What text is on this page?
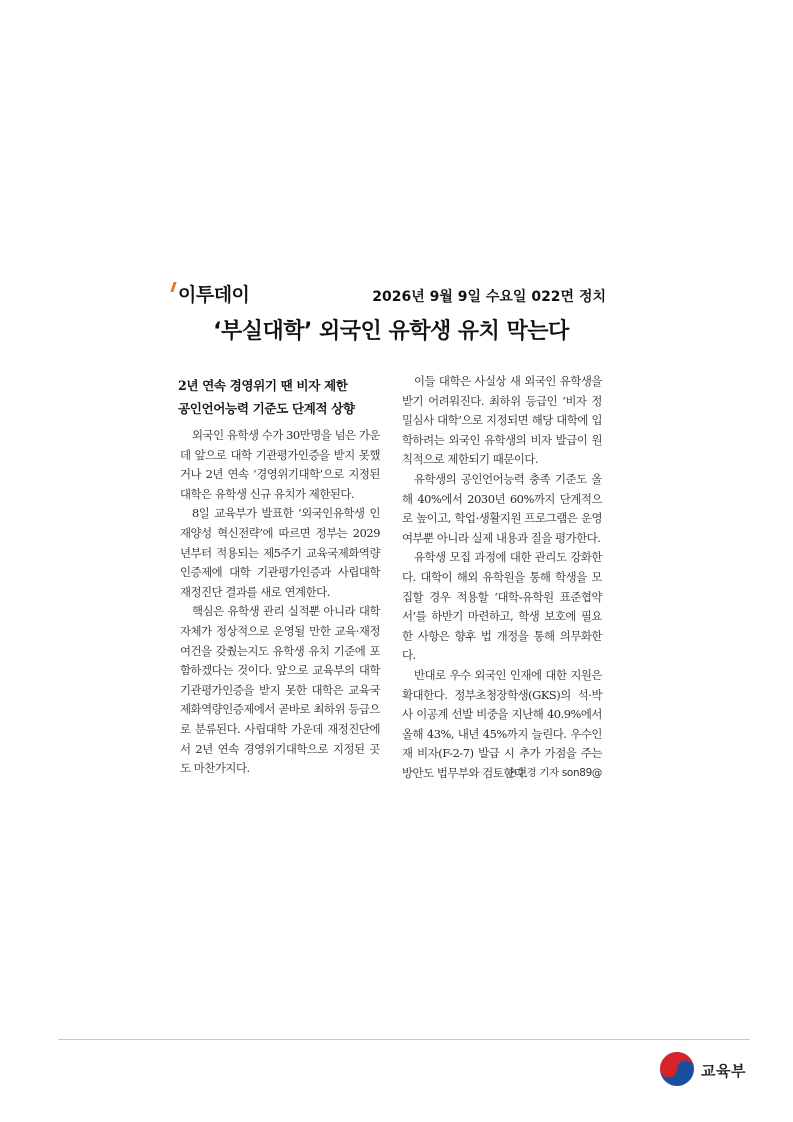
이투데이	2026년 9월 9일 수요일 022면 정치
‘부실대학’ 외국인 유학생 유치 막는다
2년 연속 경영위기 땐 비자 제한
공인언어능력 기준도 단계적 상향

외국인 유학생 수가 30만명을 넘은 가운데 앞으로 대학 기관평가인증을 받지 못했거나 2년 연속 ‘경영위기대학’으로 지정된 대학은 유학생 신규 유치가 제한된다.

8일 교육부가 발표한 ‘외국인유학생 인재양성 혁신전략’에 따르면 정부는 2029년부터 적용되는 제5주기 교육국제화역량인증제에 대학 기관평가인증과 사립대학 재정진단 결과를 새로 연계한다.

핵심은 유학생 관리 실적뿐 아니라 대학 자체가 정상적으로 운영될 만한 교육·재정 여건을 갖췄는지도 유학생 유치 기준에 포함하겠다는 것이다. 앞으로 교육부의 대학 기관평가인증을 받지 못한 대학은 교육국제화역량인증제에서 곧바로 최하위 등급으로 분류된다. 사립대학 가운데 재정진단에서 2년 연속 경영위기대학으로 지정된 곳도 마찬가지다.

이들 대학은 사실상 새 외국인 유학생을 받기 어려워진다. 최하위 등급인 ‘비자 정밀심사 대학’으로 지정되면 해당 대학에 입학하려는 외국인 유학생의 비자 발급이 원칙적으로 제한되기 때문이다.

유학생의 공인언어능력 충족 기준도 올해 40%에서 2030년 60%까지 단계적으로 높이고, 학업·생활지원 프로그램은 운영 여부뿐 아니라 실제 내용과 질을 평가한다.

유학생 모집 과정에 대한 관리도 강화한다. 대학이 해외 유학원을 통해 학생을 모집할 경우 적용할 ‘대학-유학원 표준협약서’를 하반기 마련하고, 학생 보호에 필요한 사항은 향후 법 개정을 통해 의무화한다.

반대로 우수 외국인 인재에 대한 지원은 확대한다. 정부초청장학생(GKS)의 석·박사 이공계 선발 비중을 지난해 40.9%에서 올해 43%, 내년 45%까지 늘린다. 우수인재 비자(F-2-7) 발급 시 추가 가점을 주는 방안도 법무부와 검토한다.

손현경 기자 son89@
교육부
